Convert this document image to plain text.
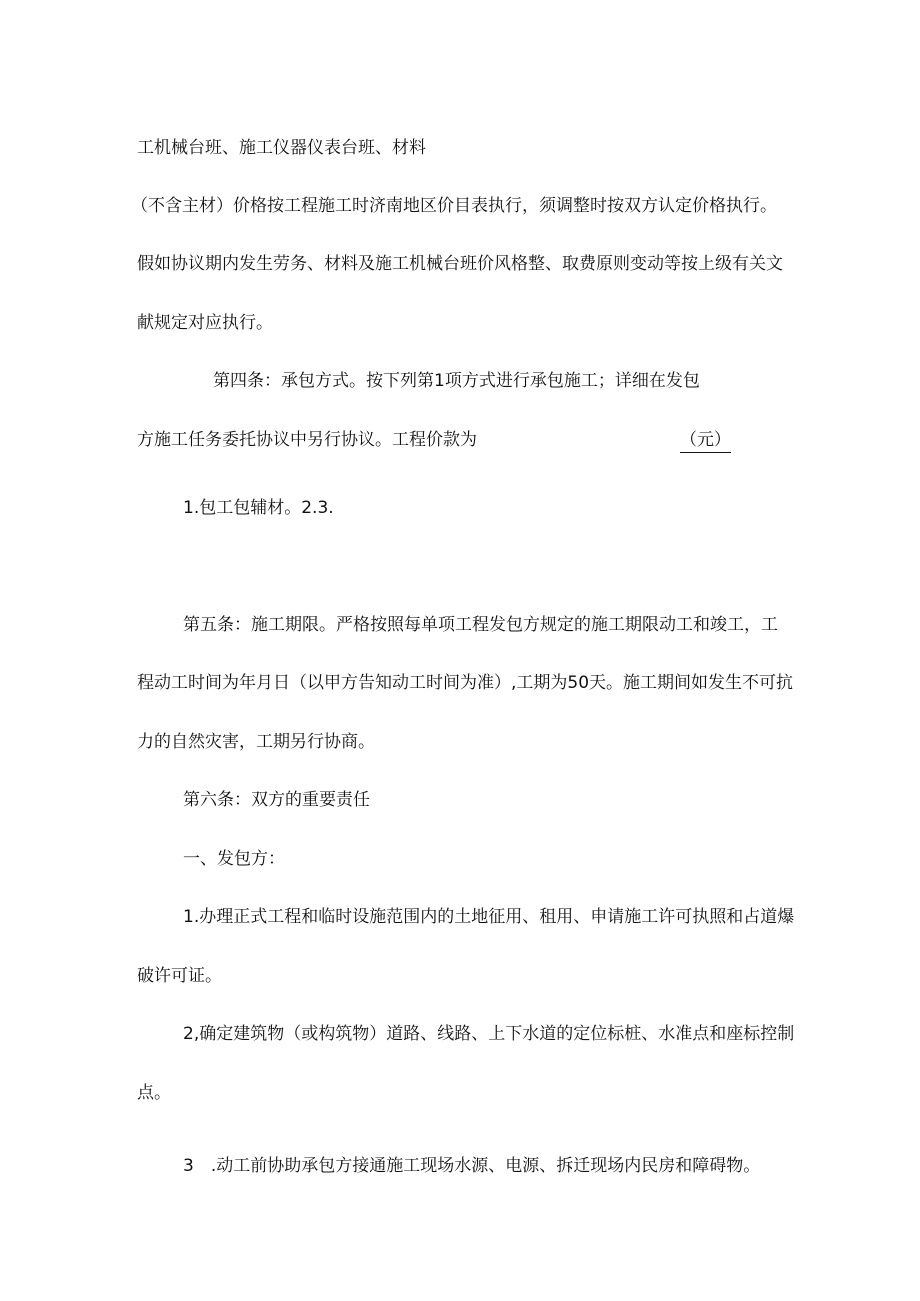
工机械台班、施工仪器仪表台班、材料
（不含主材）价格按工程施工时济南地区价目表执行，须调整时按双方认定价格执行。
假如协议期内发生劳务、材料及施工机械台班价风格整、取费原则变动等按上级有关文
献规定对应执行。
第四条：承包方式。按下列第1项方式进行承包施工；详细在发包
方施工任务委托协议中另行协议。工程价款为	（元）
1.包工包辅材。2.3.
第五条：施工期限。严格按照每单项工程发包方规定的施工期限动工和竣工，工
程动工时间为年月日（以甲方告知动工时间为准）,工期为50天。施工期间如发生不可抗
力的自然灾害，工期另行协商。
第六条：双方的重要责任
一、发包方：
1.办理正式工程和临时设施范围内的土地征用、租用、申请施工许可执照和占道爆
破许可证。
2,确定建筑物（或构筑物）道路、线路、上下水道的定位标桩、水准点和座标控制
点。
3　.动工前协助承包方接通施工现场水源、电源、拆迁现场内民房和障碍物。
